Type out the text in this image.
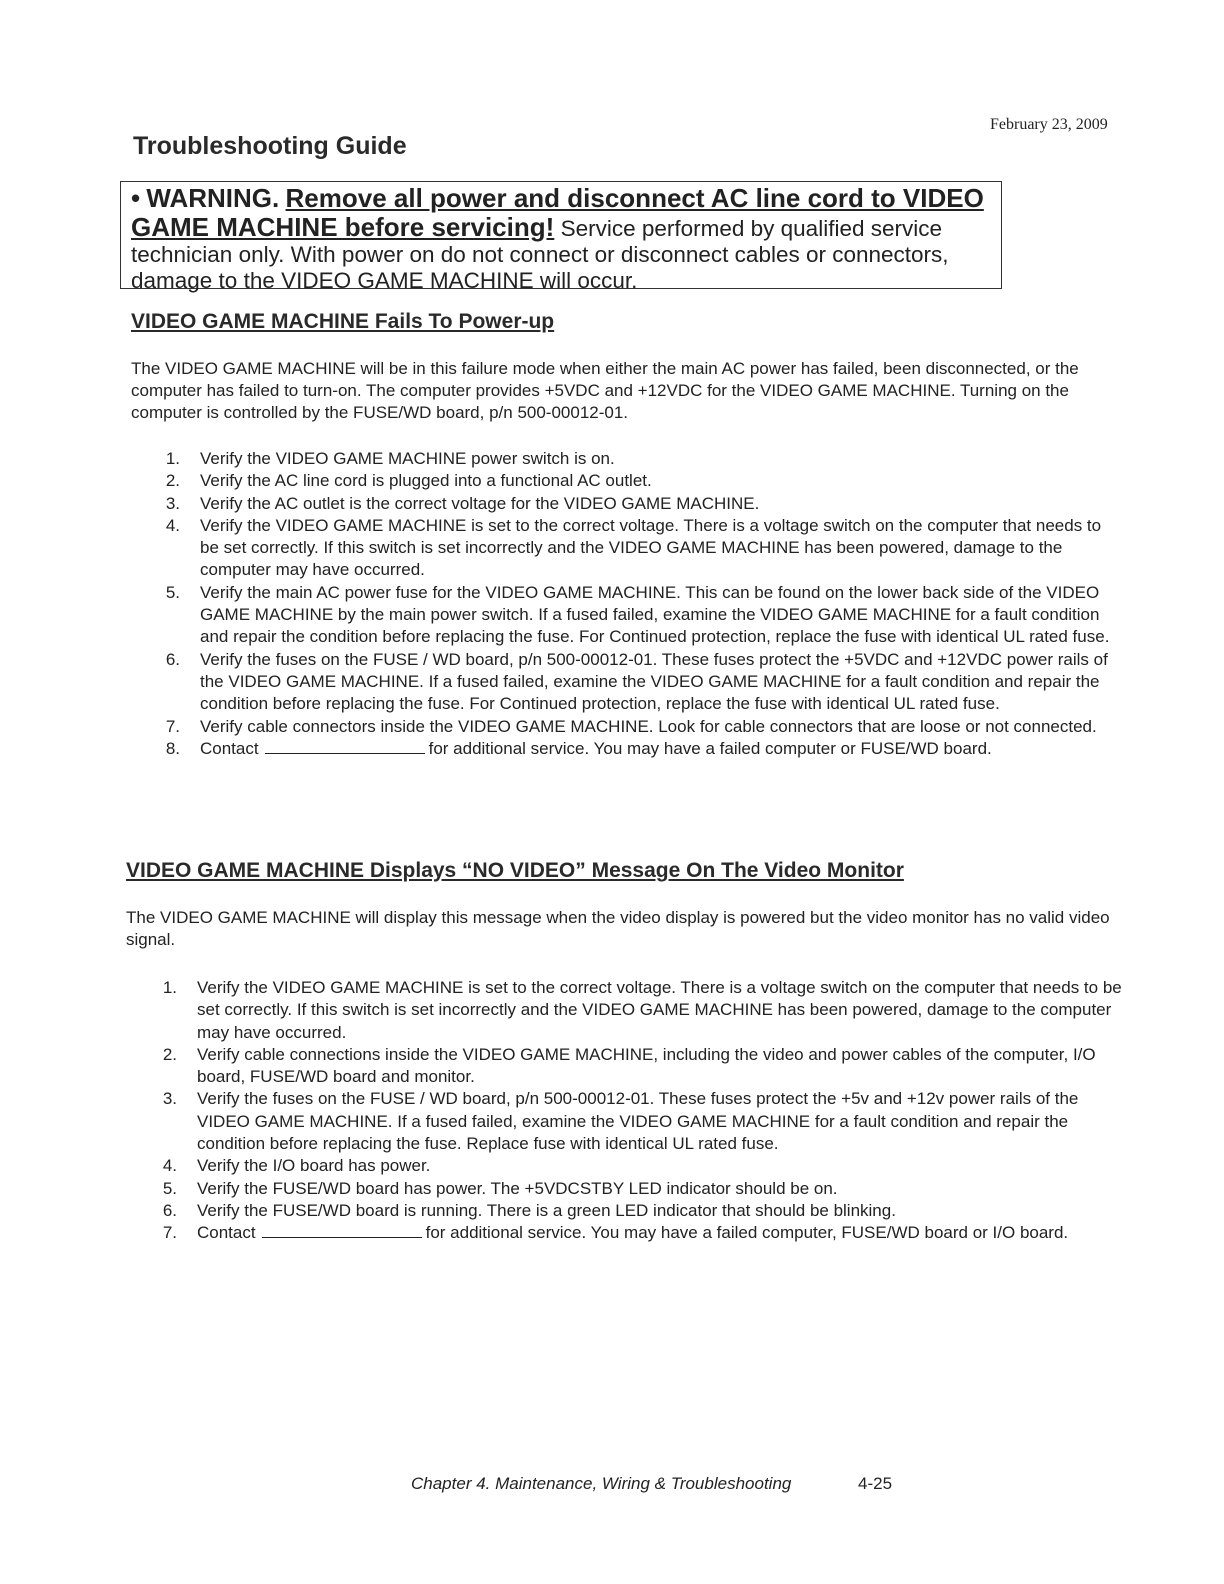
February 23, 2009
Troubleshooting Guide
• WARNING. Remove all power and disconnect AC line cord to VIDEO GAME MACHINE before servicing! Service performed by qualified service technician only. With power on do not connect or disconnect cables or connectors, damage to the VIDEO GAME MACHINE will occur.
VIDEO GAME MACHINE Fails To Power-up
The VIDEO GAME MACHINE will be in this failure mode when either the main AC power has failed, been disconnected, or the computer has failed to turn-on. The computer provides +5VDC and +12VDC for the VIDEO GAME MACHINE. Turning on the computer is controlled by the FUSE/WD board, p/n 500-00012-01.
1. Verify the VIDEO GAME MACHINE power switch is on.
2. Verify the AC line cord is plugged into a functional AC outlet.
3. Verify the AC outlet is the correct voltage for the VIDEO GAME MACHINE.
4. Verify the VIDEO GAME MACHINE is set to the correct voltage. There is a voltage switch on the computer that needs to be set correctly. If this switch is set incorrectly and the VIDEO GAME MACHINE has been powered, damage to the computer may have occurred.
5. Verify the main AC power fuse for the VIDEO GAME MACHINE. This can be found on the lower back side of the VIDEO GAME MACHINE by the main power switch. If a fused failed, examine the VIDEO GAME MACHINE for a fault condition and repair the condition before replacing the fuse. For Continued protection, replace the fuse with identical UL rated fuse.
6. Verify the fuses on the FUSE / WD board, p/n 500-00012-01. These fuses protect the +5VDC and +12VDC power rails of the VIDEO GAME MACHINE. If a fused failed, examine the VIDEO GAME MACHINE for a fault condition and repair the condition before replacing the fuse. For Continued protection, replace the fuse with identical UL rated fuse.
7. Verify cable connectors inside the VIDEO GAME MACHINE. Look for cable connectors that are loose or not connected.
8. Contact	for additional service. You may have a failed computer or FUSE/WD board.
VIDEO GAME MACHINE Displays “NO VIDEO” Message On The Video Monitor
The VIDEO GAME MACHINE will display this message when the video display is powered but the video monitor has no valid video signal.
1. Verify the VIDEO GAME MACHINE is set to the correct voltage. There is a voltage switch on the computer that needs to be set correctly. If this switch is set incorrectly and the VIDEO GAME MACHINE has been powered, damage to the computer may have occurred.
2. Verify cable connections inside the VIDEO GAME MACHINE, including the video and power cables of the computer, I/O board, FUSE/WD board and monitor.
3. Verify the fuses on the FUSE / WD board, p/n 500-00012-01. These fuses protect the +5v and +12v power rails of the VIDEO GAME MACHINE. If a fused failed, examine the VIDEO GAME MACHINE for a fault condition and repair the condition before replacing the fuse. Replace fuse with identical UL rated fuse.
4. Verify the I/O board has power.
5. Verify the FUSE/WD board has power. The +5VDCSTBY LED indicator should be on.
6. Verify the FUSE/WD board is running. There is a green LED indicator that should be blinking.
7. Contact	for additional service. You may have a failed computer, FUSE/WD board or I/O board.
Chapter 4. Maintenance, Wiring & Troubleshooting	4-25
